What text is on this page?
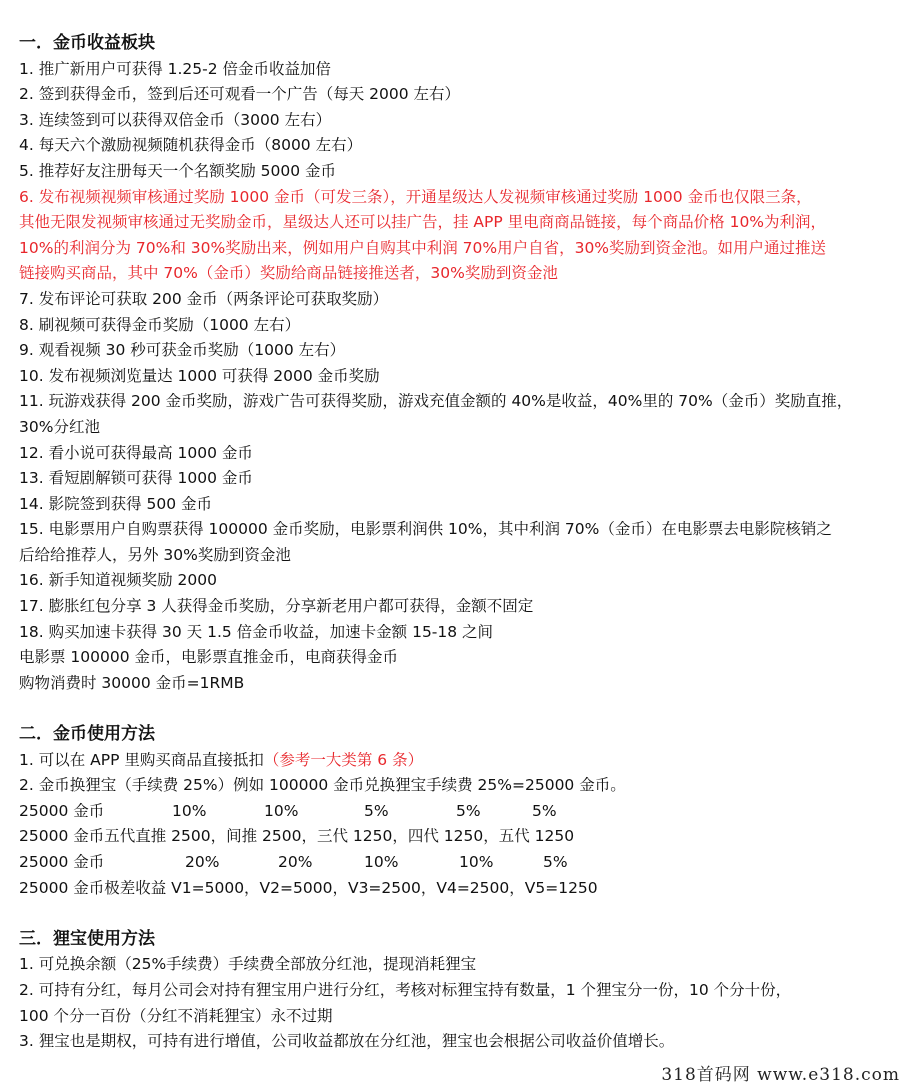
一．金币收益板块
1. 推广新用户可获得 1.25-2 倍金币收益加倍
2. 签到获得金币，签到后还可观看一个广告（每天 2000 左右）
3. 连续签到可以获得双倍金币（3000 左右）
4. 每天六个激励视频随机获得金币（8000 左右）
5. 推荐好友注册每天一个名额奖励 5000 金币
6. 发布视频视频审核通过奖励 1000 金币（可发三条），开通星级达人发视频审核通过奖励 1000 金币也仅限三条，
其他无限发视频审核通过无奖励金币，星级达人还可以挂广告，挂 APP 里电商商品链接，每个商品价格 10%为利润，
10%的利润分为 70%和 30%奖励出来，例如用户自购其中利润 70%用户自省，30%奖励到资金池。如用户通过推送
链接购买商品，其中 70%（金币）奖励给商品链接推送者，30%奖励到资金池
7. 发布评论可获取 200 金币（两条评论可获取奖励）
8. 刷视频可获得金币奖励（1000 左右）
9. 观看视频 30 秒可获金币奖励（1000 左右）
10. 发布视频浏览量达 1000 可获得 2000 金币奖励
11. 玩游戏获得 200 金币奖励，游戏广告可获得奖励，游戏充值金额的 40%是收益，40%里的 70%（金币）奖励直推，
30%分红池
12. 看小说可获得最高 1000 金币
13. 看短剧解锁可获得 1000 金币
14. 影院签到获得 500 金币
15. 电影票用户自购票获得 100000 金币奖励，电影票利润供 10%，其中利润 70%（金币）在电影票去电影院核销之
后给给推荐人，另外 30%奖励到资金池
16. 新手知道视频奖励 2000
17. 膨胀红包分享 3 人获得金币奖励，分享新老用户都可获得，金额不固定
18. 购买加速卡获得 30 天 1.5 倍金币收益，加速卡金额 15-18 之间
电影票 100000 金币，电影票直推金币，电商获得金币
购物消费时 30000 金币=1RMB
二．金币使用方法
1. 可以在 APP 里购买商品直接抵扣（参考一大类第 6 条）
2. 金币换狸宝（手续费 25%）例如 100000 金币兑换狸宝手续费 25%=25000 金币。
25000 金币	10%	10%	5%	5%	5%
25000 金币五代直推 2500，间推 2500，三代 1250，四代 1250，五代 1250
25000 金币	20%	20%	10%	10%	5%
25000 金币极差收益 V1=5000，V2=5000，V3=2500，V4=2500，V5=1250
三．狸宝使用方法
1. 可兑换余额（25%手续费）手续费全部放分红池，提现消耗狸宝
2. 可持有分红，每月公司会对持有狸宝用户进行分红，考核对标狸宝持有数量，1 个狸宝分一份，10 个分十份，
100 个分一百份（分红不消耗狸宝）永不过期
3. 狸宝也是期权，可持有进行增值，公司收益都放在分红池，狸宝也会根据公司收益价值增长。
318首码网 www.e318.com
